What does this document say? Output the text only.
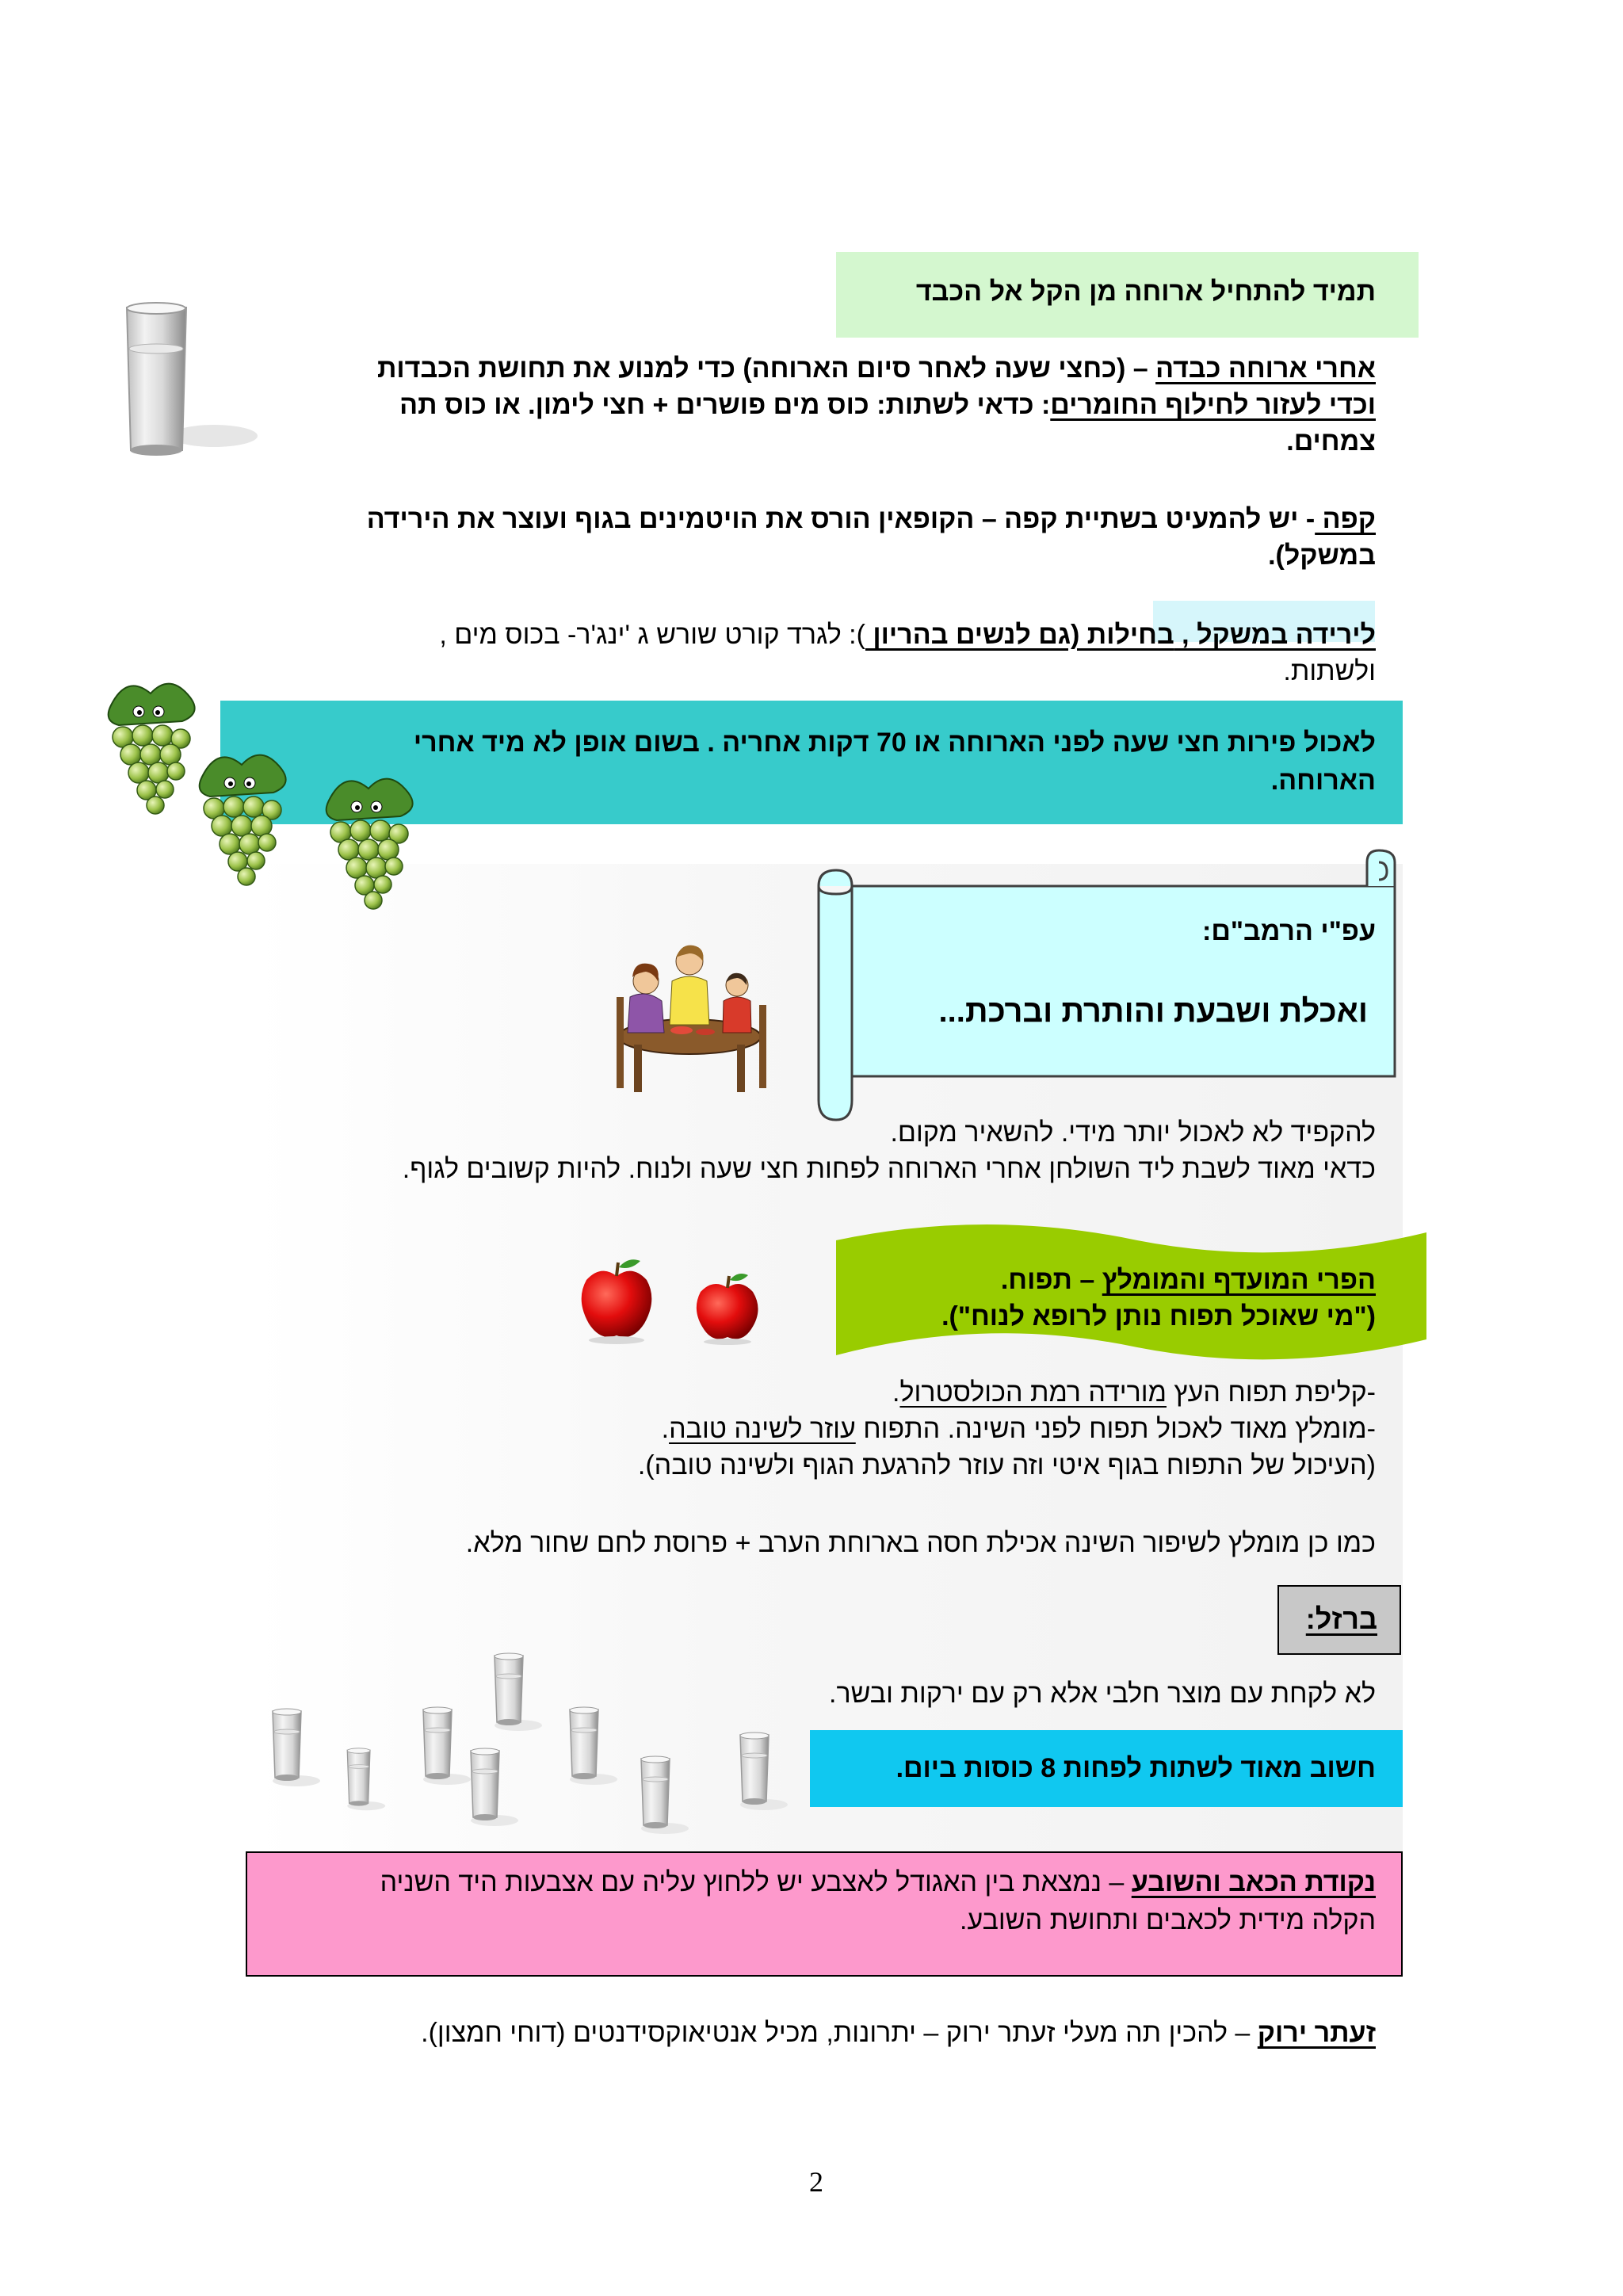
תמיד להתחיל ארוחה מן הקל אל הכבד
אחרי ארוחה כבדה – (כחצי שעה לאחר סיום הארוחה) כדי למנוע את תחושת הכבדות
וכדי לעזור לחילוף החומרים: כדאי לשתות: כוס מים פושרים + חצי לימון. או כוס תה
צמחים.
קפה - יש להמעיט בשתיית קפה – הקופאין הורס את הויטמינים בגוף ועוצר את הירידה
במשקל).
לירידה במשקל , בחילות (גם לנשים בהריון ): לגרד קורט שורש ג 'ינג'ר- בכוס מים ,
ולשתות.
לאכול פירות חצי שעה לפני הארוחה או 70 דקות אחריה . בשום אופן לא מיד אחרי
הארוחה.
עפ"י הרמב"ם:
ואכלת ושבעת והותרת וברכת...
להקפיד לא לאכול יותר מידי. להשאיר מקום.
כדאי מאוד לשבת ליד השולחן אחרי הארוחה לפחות חצי שעה ולנוח. להיות קשובים לגוף.
הפרי המועדף והמומלץ – תפוח.
("מי שאוכל תפוח נותן לרופא לנוח").
-קליפת תפוח העץ מורידה רמת הכולסטרול.
-מומלץ מאוד לאכול תפוח לפני השינה. התפוח עוזר לשינה טובה.
(העיכול של התפוח בגוף איטי וזה עוזר להרגעת הגוף ולשינה טובה).
כמו כן מומלץ לשיפור השינה אכילת חסה בארוחת הערב + פרוסת לחם שחור מלא.
ברזל:
לא לקחת עם מוצר חלבי אלא רק עם ירקות ובשר.
חשוב מאוד לשתות לפחות 8 כוסות ביום.
נקודת הכאב והשובע – נמצאת בין האגודל לאצבע יש ללחוץ עליה עם אצבעות היד השניה
הקלה מידית לכאבים ותחושת השובע.
זעתר ירוק – להכין תה מעלי זעתר ירוק – יתרונות, מכיל אנטיאוקסידנטים (דוחי חמצון).
2
